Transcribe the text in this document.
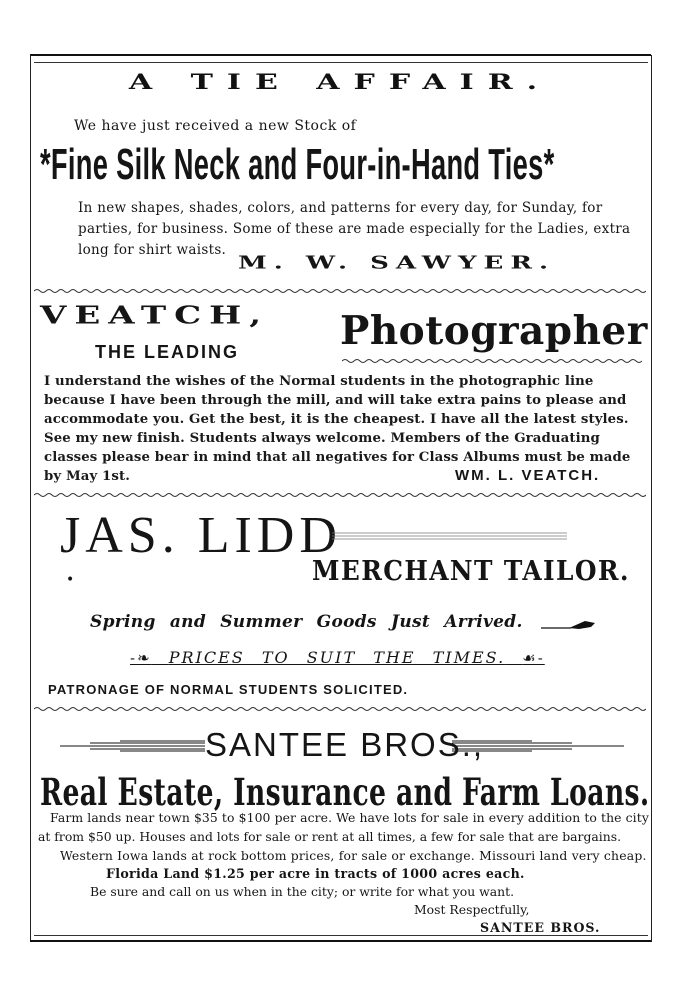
A TIE AFFAIR.
We have just received a new Stock of
*Fine Silk Neck and Four-in-Hand Ties*
In new shapes, shades, colors, and patterns for every day, for Sunday, for parties, for business. Some of these are made especially for the Ladies, extra long for shirt waists.
M. W. SAWYER.
VEATCH,
THE LEADING	Photographer
I understand the wishes of the Normal students in the photographic line because I have been through the mill, and will take extra pains to please and accommodate you. Get the best, it is the cheapest. I have all the latest styles. See my new finish. Students always welcome. Members of the Graduating classes please bear in mind that all negatives for Class Albums must be made by May 1st.	WM. L. VEATCH.
JAS. LIDD
•	MERCHANT TAILOR.
Spring and Summer Goods Just Arrived.
-❧ PRICES TO SUIT THE TIMES. ☙-
PATRONAGE OF NORMAL STUDENTS SOLICITED.
SANTEE BROS.,
Real Estate, Insurance and Farm Loans.
Farm lands near town $35 to $100 per acre. We have lots for sale in every addition to the city
at from $50 up. Houses and lots for sale or rent at all times, a few for sale that are bargains.
Western Iowa lands at rock bottom prices, for sale or exchange. Missouri land very cheap.
Florida Land $1.25 per acre in tracts of 1000 acres each.
Be sure and call on us when in the city; or write for what you want.
Most Respectfully,
SANTEE BROS.
